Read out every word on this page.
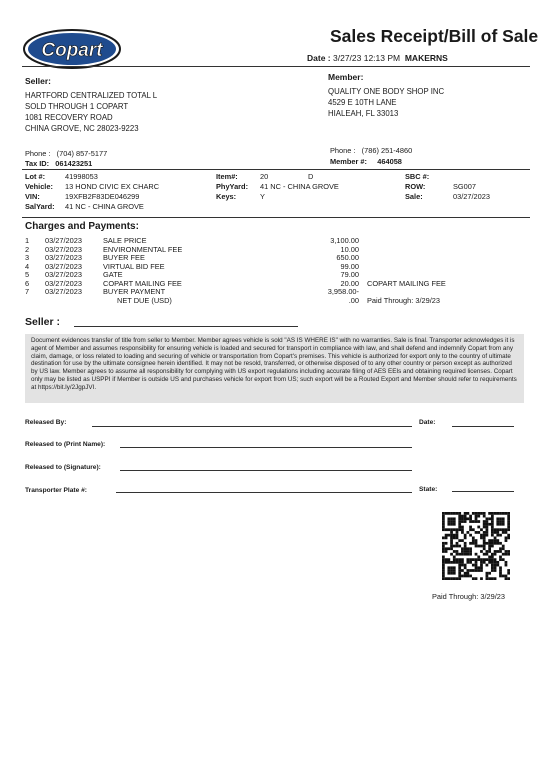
Copart
Sales Receipt/Bill of Sale
Date : 3/27/23 12:13 PM MAKERNS
Seller:
HARTFORD CENTRALIZED TOTAL L
SOLD THROUGH 1 COPART
1081 RECOVERY ROAD
CHINA GROVE, NC 28023-9223
Phone : (704) 857-5177
Tax ID: 061423251
Member:
QUALITY ONE BODY SHOP INC
4529 E 10TH LANE
HIALEAH, FL 33013
Phone : (786) 251-4860
Member #: 464058
Lot #:	41998053
Vehicle: 13 HOND CIVIC EX CHARC
VIN:	19XFB2F83DE046299
SalYard: 41 NC - CHINA GROVE
Item#:	20	D
PhyYard: 41 NC - CHINA GROVE
Keys:	Y
SBC #:
ROW:	SG007
Sale:	03/27/2023
Charges and Payments:
1 03/27/2023	SALE PRICE	3,100.00
2 03/27/2023	ENVIRONMENTAL FEE	10.00
3 03/27/2023	BUYER FEE	650.00
4 03/27/2023	VIRTUAL BID FEE	99.00
5 03/27/2023	GATE	79.00
6 03/27/2023	COPART MAILING FEE	20.00 COPART MAILING FEE
7 03/27/2023	BUYER PAYMENT	3,958.00-
NET DUE (USD)	.00 Paid Through: 3/29/23
Seller :
Document evidences transfer of title from seller to Member. Member agrees vehicle is sold "AS IS WHERE IS" with no warranties. Sale is final. Transporter acknowledges it is agent of Member and assumes responsibility for ensuring vehicle is loaded and secured for transport in compliance with law, and shall defend and indemnify Copart from any claim, damage, or loss related to loading and securing of vehicle or transportation from Copart's premises. This vehicle is authorized for export only to the country of ultimate destination for use by the ultimate consignee herein identified. It may not be resold, transferred, or otherwise disposed of to any other country or person except as authorized by US law. Member agrees to assume all responsibility for complying with US export regulations including accurate filing of AES EEIs and obtaining required licenses. Copart only may be listed as USPPI if Member is outside US and purchases vehicle for export from US; such export will be a Routed Export and Member should refer to requirements at https://bit.ly/2JgpJVI.
Released By:	Date:
Released to (Print Name):
Released to (Signature):
Transporter Plate #:	State:
Paid Through: 3/29/23
